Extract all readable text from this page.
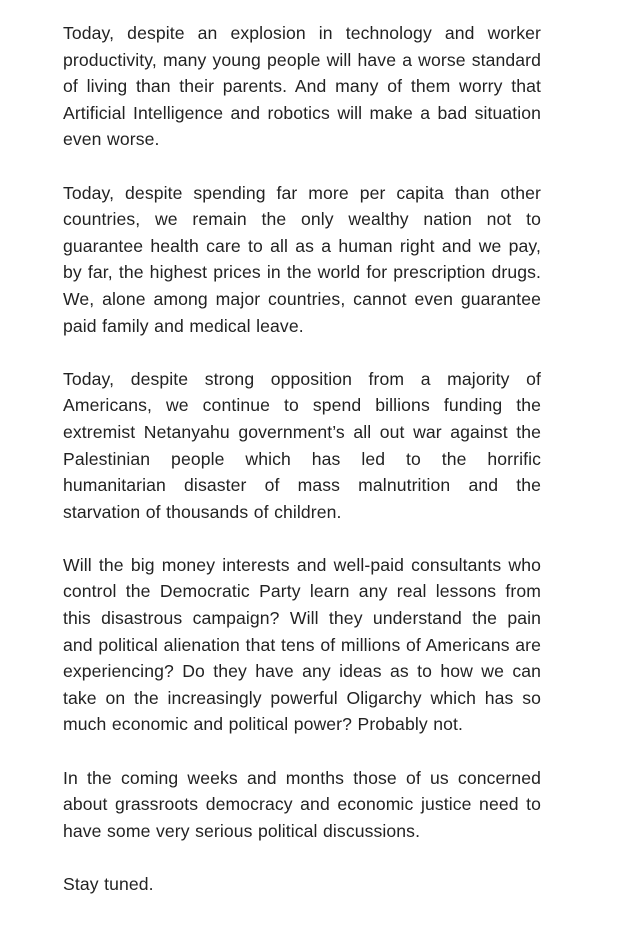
Today, despite an explosion in technology and worker productivity, many young people will have a worse standard of living than their parents. And many of them worry that Artificial Intelligence and robotics will make a bad situation even worse.

Today, despite spending far more per capita than other countries, we remain the only wealthy nation not to guarantee health care to all as a human right and we pay, by far, the highest prices in the world for prescription drugs. We, alone among major countries, cannot even guarantee paid family and medical leave.

Today, despite strong opposition from a majority of Americans, we continue to spend billions funding the extremist Netanyahu government’s all out war against the Palestinian people which has led to the horrific humanitarian disaster of mass malnutrition and the starvation of thousands of children.

Will the big money interests and well-paid consultants who control the Democratic Party learn any real lessons from this disastrous campaign? Will they understand the pain and political alienation that tens of millions of Americans are experiencing? Do they have any ideas as to how we can take on the increasingly powerful Oligarchy which has so much economic and political power? Probably not.

In the coming weeks and months those of us concerned about grassroots democracy and economic justice need to have some very serious political discussions.

Stay tuned.
